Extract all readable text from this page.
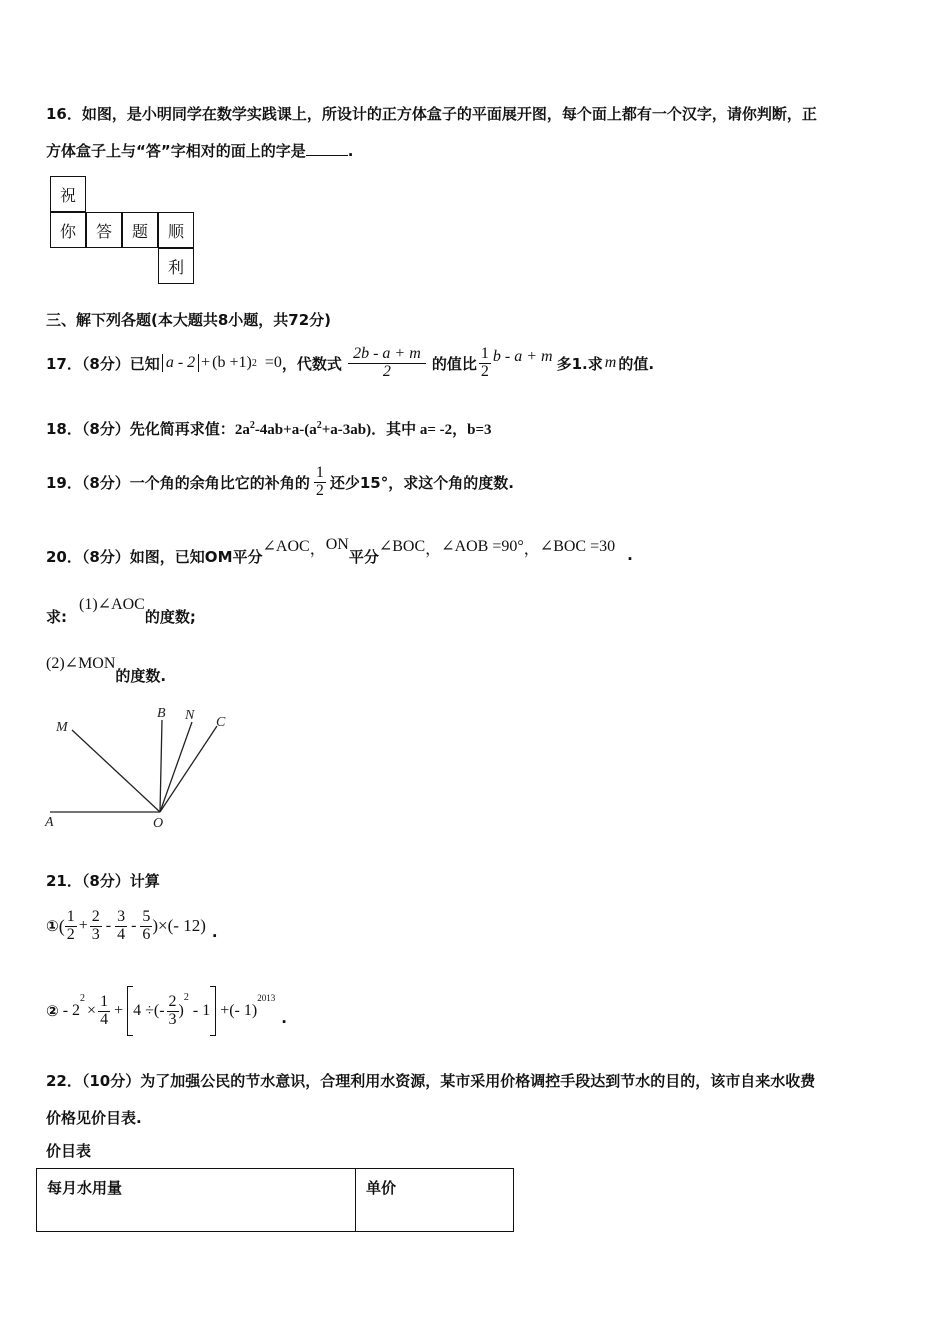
16．如图，是小明同学在数学实践课上，所设计的正方体盒子的平面展开图，每个面上都有一个汉字，请你判断，正
方体盒子上与“答”字相对的面上的字是	.
祝
你	答	题	顺
利
三、解下列各题(本大题共8小题，共72分)
17．（8分）已知 a - 2 + (b +1) 2 =0 ，代数式 $\frac{2b - a + m}{2}$ 的值比 $\frac{1}{2}$ b - a + m 多1.求 m 的值.
18．（8分）先化简再求值：$2a^2-4ab+a-(a^2+a-3ab)$．其中 a= -2，b=3
19．（8分）一个角的余角比它的补角的 $\frac{1}{2}$ 还少15°，求这个角的度数.
20．（8分）如图，已知OM平分
∠AOC ， ON
平分
∠BOC ， ∠AOB =90° ， ∠BOC =30 .
求:
(1)∠AOC
的度数;
(2)∠MON
的度数.
M
B N C
A	O
21．（8分）计算
① ( $\frac{1}{2} + \frac{2}{3} - \frac{3}{4} - \frac{5}{6}$ )×(- 12) .
② - 2
$^2$
× $\frac{1}{4} + 4$ ÷(- $\frac{2}{3}$ )
$^2$
- 1 +(- 1)
$^{2013}$
.
22．（10分）为了加强公民的节水意识，合理利用水资源，某市采用价格调控手段达到节水的目的，该市自来水收费
价格见价目表.
价目表
每月水用量	单价
